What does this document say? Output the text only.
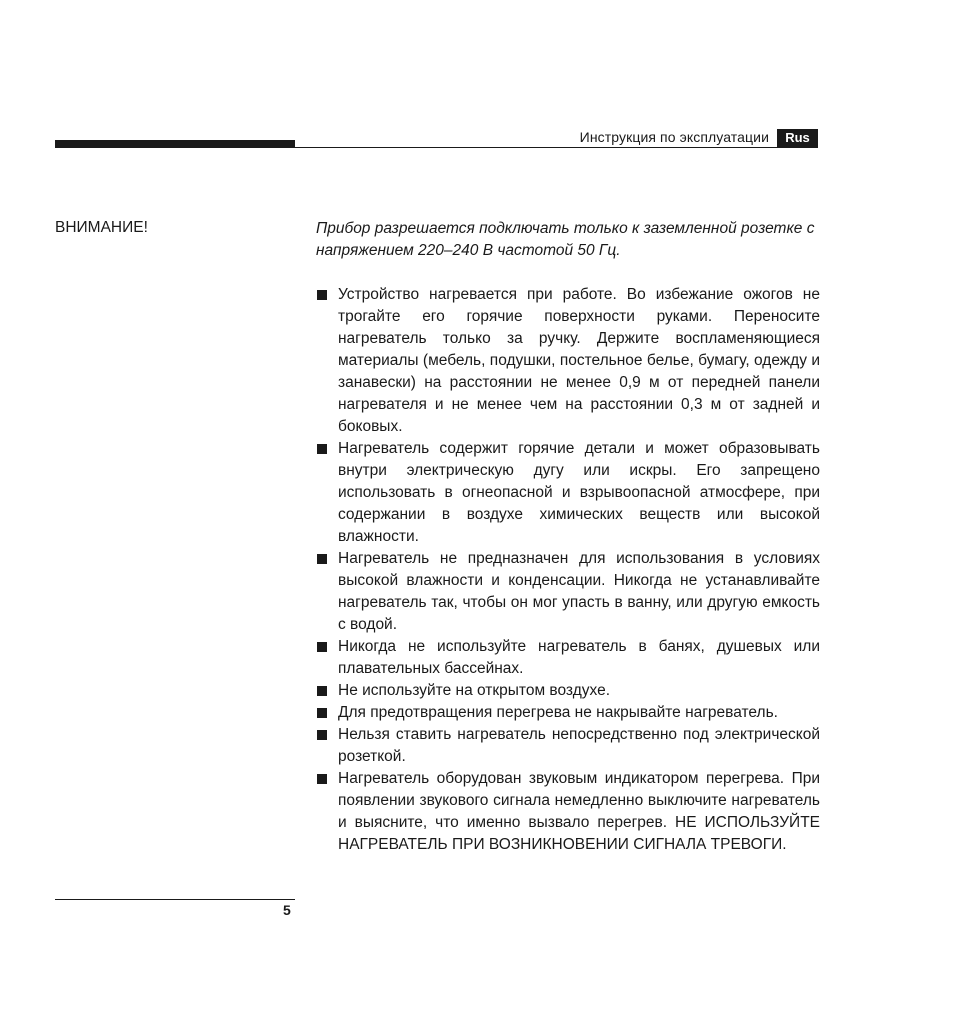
Инструкция по эксплуатации	Rus
ВНИМАНИЕ!	Прибор разрешается подключать только к заземленной розетке с напряжением 220–240 В частотой 50 Гц.
Устройство нагревается при работе. Во избежание ожогов не трогайте его горячие поверхности руками. Переносите нагреватель только за ручку. Держите воспламеняющиеся материалы (мебель, подушки, постельное белье, бумагу, одежду и занавески) на расстоянии не менее 0,9 м от передней панели нагревателя и не менее чем на расстоянии 0,3 м от задней и боковых.
Нагреватель содержит горячие детали и может образовывать внутри электрическую дугу или искры. Его запрещено использовать в огнеопасной и взрывоопасной атмосфере, при содержании в воздухе химических веществ или высокой влажности.
Нагреватель не предназначен для использования в условиях высокой влажности и конденсации. Никогда не устанавливайте нагреватель так, чтобы он мог упасть в ванну, или другую емкость с водой.
Никогда не используйте нагреватель в банях, душевых или плавательных бассейнах.
Не используйте на открытом воздухе.
Для предотвращения перегрева не накрывайте нагреватель.
Нельзя ставить нагреватель непосредственно под электрической розеткой.
Нагреватель оборудован звуковым индикатором перегрева. При появлении звукового сигнала немедленно выключите нагреватель и выясните, что именно вызвало перегрев. НЕ ИСПОЛЬЗУЙТЕ НАГРЕВАТЕЛЬ ПРИ ВОЗНИКНОВЕНИИ СИГНАЛА ТРЕВОГИ.
5
